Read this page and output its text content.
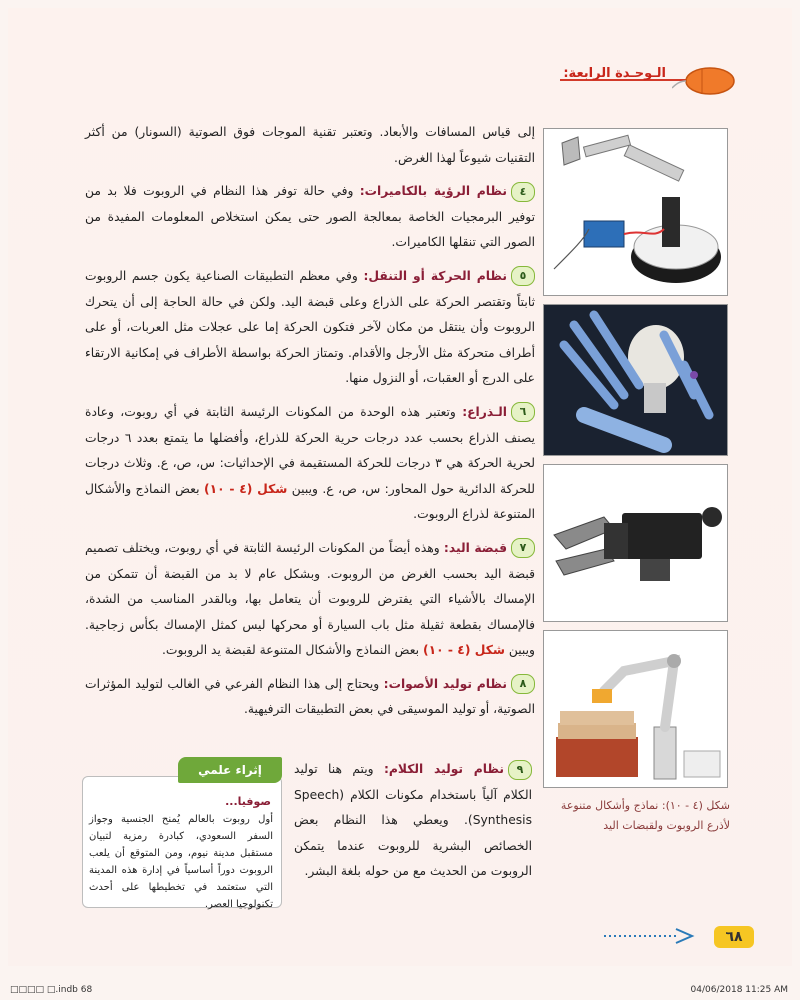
الـوحـدة الرابعة:

إلى قياس المسافات والأبعاد. وتعتبر تقنية الموجات فوق الصوتية (السونار) من أكثر التقنيات شيوعاً لهذا الغرض.

٤نظام الرؤية بالكاميرات: وفي حالة توفر هذا النظام في الروبوت فلا بد من توفير البرمجيات الخاصة بمعالجة الصور حتى يمكن استخلاص المعلومات المفيدة من الصور التي تنقلها الكاميرات.

٥نظام الحركة أو التنقل: وفي معظم التطبيقات الصناعية يكون جسم الروبوت ثابتاً وتقتصر الحركة على الذراع وعلى قبضة اليد. ولكن في حالة الحاجة إلى أن يتحرك الروبوت وأن ينتقل من مكان لآخر فتكون الحركة إما على عجلات مثل العربات، أو على أطراف متحركة مثل الأرجل والأقدام. وتمتاز الحركة بواسطة الأطراف في إمكانية الارتقاء على الدرج أو العقبات، أو النزول منها.

٦الـذراع: وتعتبر هذه الوحدة من المكونات الرئيسة الثابتة في أي روبوت، وعادة يصنف الذراع بحسب عدد درجات حرية الحركة للذراع، وأفضلها ما يتمتع بعدد ٦ درجات لحرية الحركة هي ٣ درجات للحركة المستقيمة في الإحداثيات: س، ص، ع. وثلاث درجات للحركة الدائرية حول المحاور: س، ص، ع. ويبين شكل (٤ - ١٠) بعض النماذج والأشكال المتنوعة لذراع الروبوت.

٧قبضة اليد: وهذه أيضاً من المكونات الرئيسة الثابتة في أي روبوت، ويختلف تصميم قبضة اليد بحسب الغرض من الروبوت. وبشكل عام لا بد من القبضة أن تتمكن من الإمساك بالأشياء التي يفترض للروبوت أن يتعامل بها، وبالقدر المناسب من الشدة، فالإمساك بقطعة ثقيلة مثل باب السيارة أو محركها ليس كمثل الإمساك بكأس زجاجية. ويبين شكل (٤ - ١٠) بعض النماذج والأشكال المتنوعة لقبضة يد الروبوت.

٨نظام توليد الأصوات: ويحتاج إلى هذا النظام الفرعي في الغالب لتوليد المؤثرات الصوتية، أو توليد الموسيقى في بعض التطبيقات الترفيهية.

شكل (٤ - ١٠): نماذج وأشكال متنوعة لأذرع الروبوت ولقبضات اليد
٩نظام توليد الكلام: ويتم هنا توليد الكلام آلياً باستخدام مكونات الكلام (Speech Synthesis). ويعطي هذا النظام بعض الخصائص البشرية للروبوت عندما يتمكن الروبوت من الحديث مع من حوله بلغة البشر.
صوفيا...
أول روبوت بالعالم يُمنح الجنسية وجواز السفر السعودي، كبادرة رمزية لتبيان مستقبل مدينة نيوم، ومن المتوقع أن يلعب الروبوت دوراً أساسياً في إدارة هذه المدينة التي ستعتمد في تخطيطها على أحدث تكنولوجيا العصر.
إثراء علمي
٦٨
□□□□ □.indb 68	04/06/2018 11:25 AM
